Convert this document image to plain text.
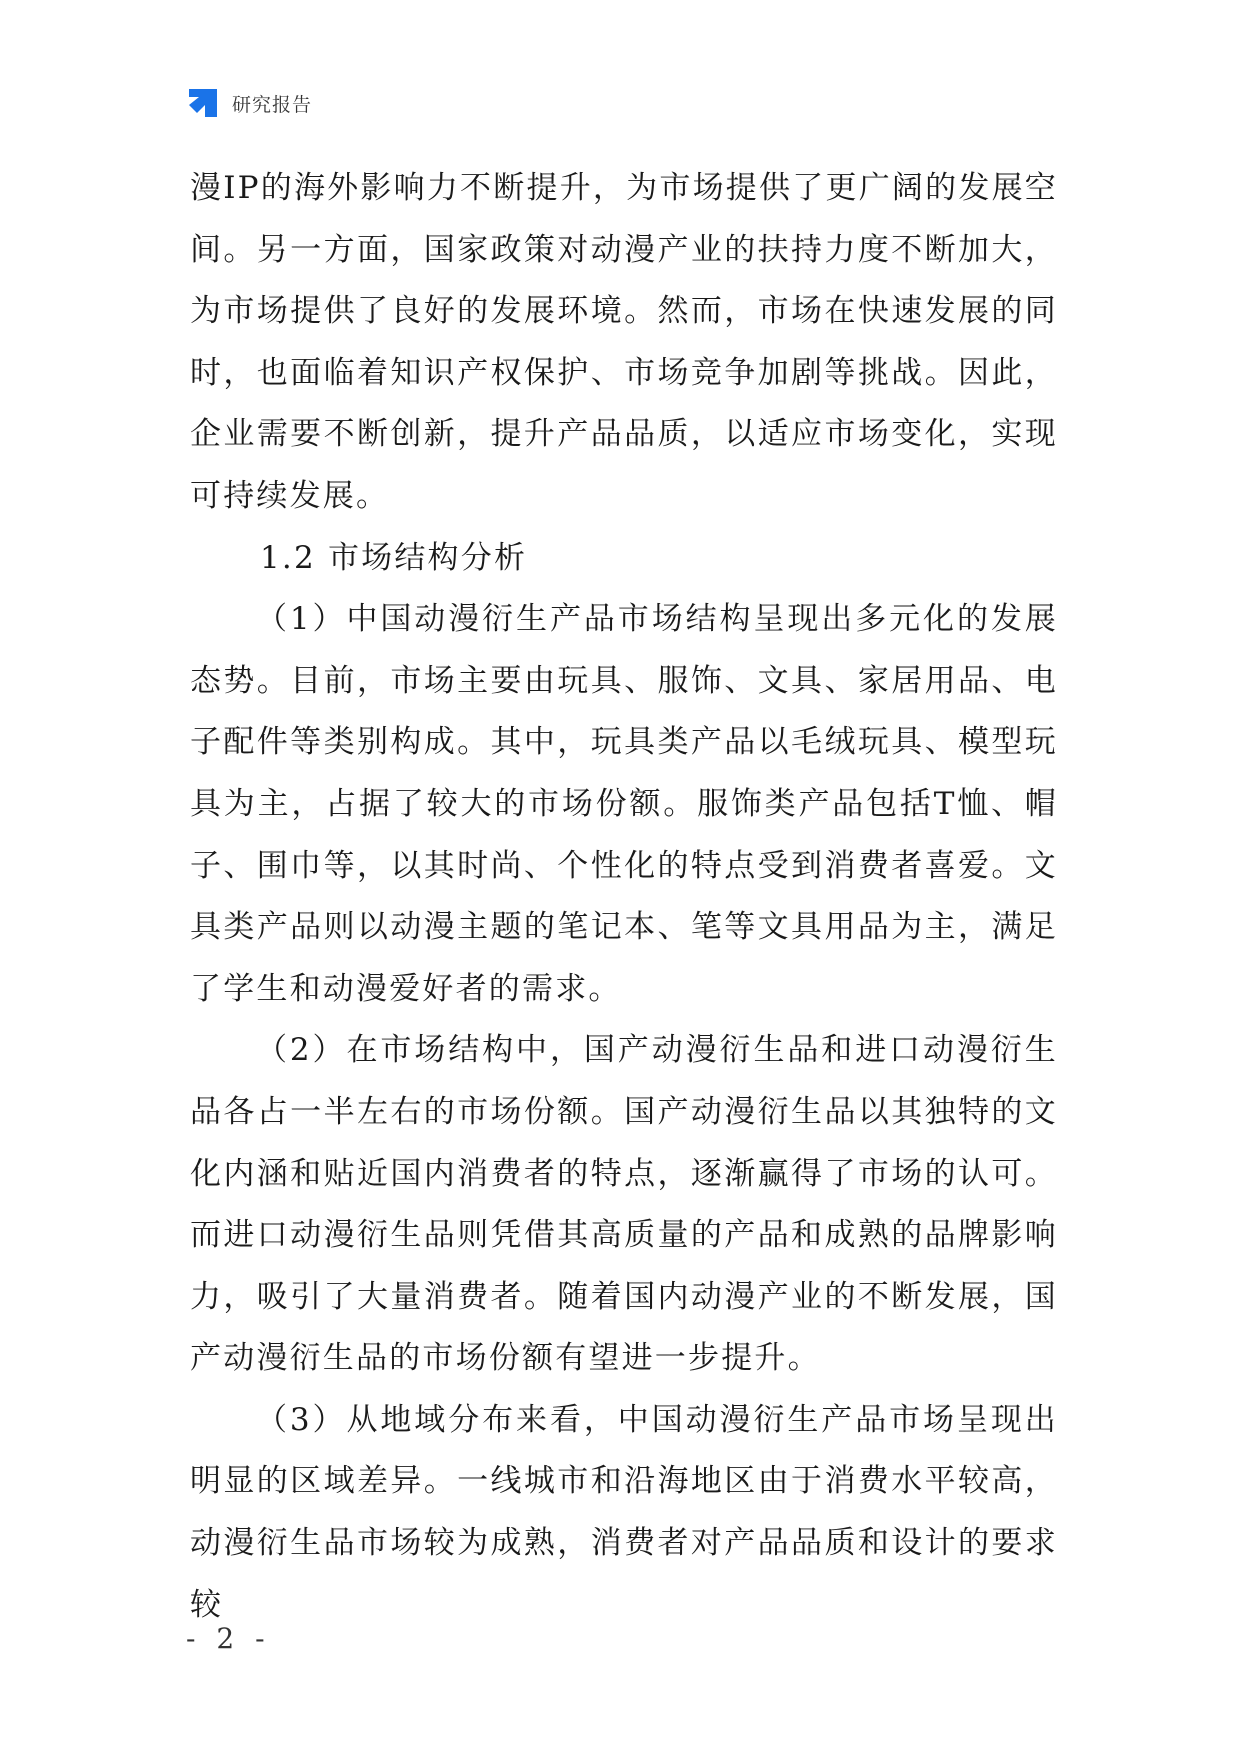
研究报告

漫IP的海外影响力不断提升，为市场提供了更广阔的发展空间。另一方面，国家政策对动漫产业的扶持力度不断加大，为市场提供了良好的发展环境。然而，市场在快速发展的同时，也面临着知识产权保护、市场竞争加剧等挑战。因此，企业需要不断创新，提升产品品质，以适应市场变化，实现可持续发展。

1.2 市场结构分析

（1）中国动漫衍生产品市场结构呈现出多元化的发展态势。目前，市场主要由玩具、服饰、文具、家居用品、电子配件等类别构成。其中，玩具类产品以毛绒玩具、模型玩具为主，占据了较大的市场份额。服饰类产品包括T恤、帽子、围巾等，以其时尚、个性化的特点受到消费者喜爱。文具类产品则以动漫主题的笔记本、笔等文具用品为主，满足了学生和动漫爱好者的需求。

（2）在市场结构中，国产动漫衍生品和进口动漫衍生品各占一半左右的市场份额。国产动漫衍生品以其独特的文化内涵和贴近国内消费者的特点，逐渐赢得了市场的认可。而进口动漫衍生品则凭借其高质量的产品和成熟的品牌影响力，吸引了大量消费者。随着国内动漫产业的不断发展，国产动漫衍生品的市场份额有望进一步提升。

（3）从地域分布来看，中国动漫衍生产品市场呈现出明显的区域差异。一线城市和沿海地区由于消费水平较高，动漫衍生品市场较为成熟，消费者对产品品质和设计的要求较

- 2 -
